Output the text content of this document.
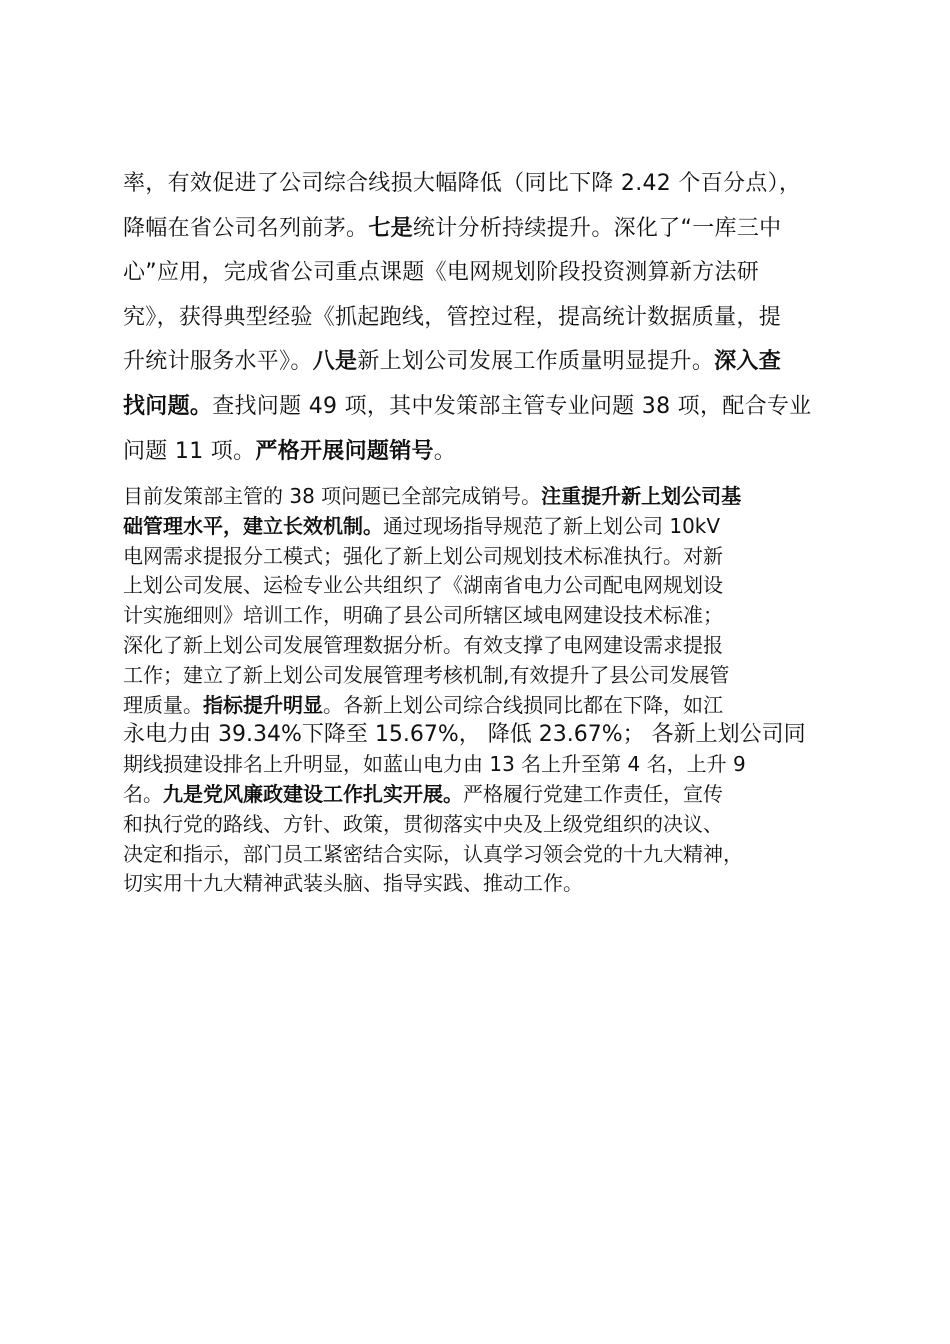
率，有效促进了公司综合线损大幅降低（同比下降 2.42 个百分点），
降幅在省公司名列前茅。七是统计分析持续提升。深化了“一库三中
心”应用，完成省公司重点课题《电网规划阶段投资测算新方法研
究》，获得典型经验《抓起跑线，管控过程，提高统计数据质量，提
升统计服务水平》。八是新上划公司发展工作质量明显提升。深入查
找问题。查找问题 49 项，其中发策部主管专业问题 38 项，配合专业
问题 11 项。严格开展问题销号。
目前发策部主管的 38 项问题已全部完成销号。注重提升新上划公司基
础管理水平，建立长效机制。通过现场指导规范了新上划公司 10kV
电网需求提报分工模式；强化了新上划公司规划技术标准执行。对新
上划公司发展、运检专业公共组织了《湖南省电力公司配电网规划设
计实施细则》培训工作，明确了县公司所辖区域电网建设技术标准；
深化了新上划公司发展管理数据分析。有效支撑了电网建设需求提报
工作；建立了新上划公司发展管理考核机制,有效提升了县公司发展管
理质量。指标提升明显。各新上划公司综合线损同比都在下降，如江
永电力由 39.34%下降至 15.67%， 降低 23.67%； 各新上划公司同
期线损建设排名上升明显，如蓝山电力由 13 名上升至第 4 名，上升 9
名。九是党风廉政建设工作扎实开展。严格履行党建工作责任，宣传
和执行党的路线、方针、政策，贯彻落实中央及上级党组织的决议、
决定和指示，部门员工紧密结合实际，认真学习领会党的十九大精神，
切实用十九大精神武装头脑、指导实践、推动工作。
